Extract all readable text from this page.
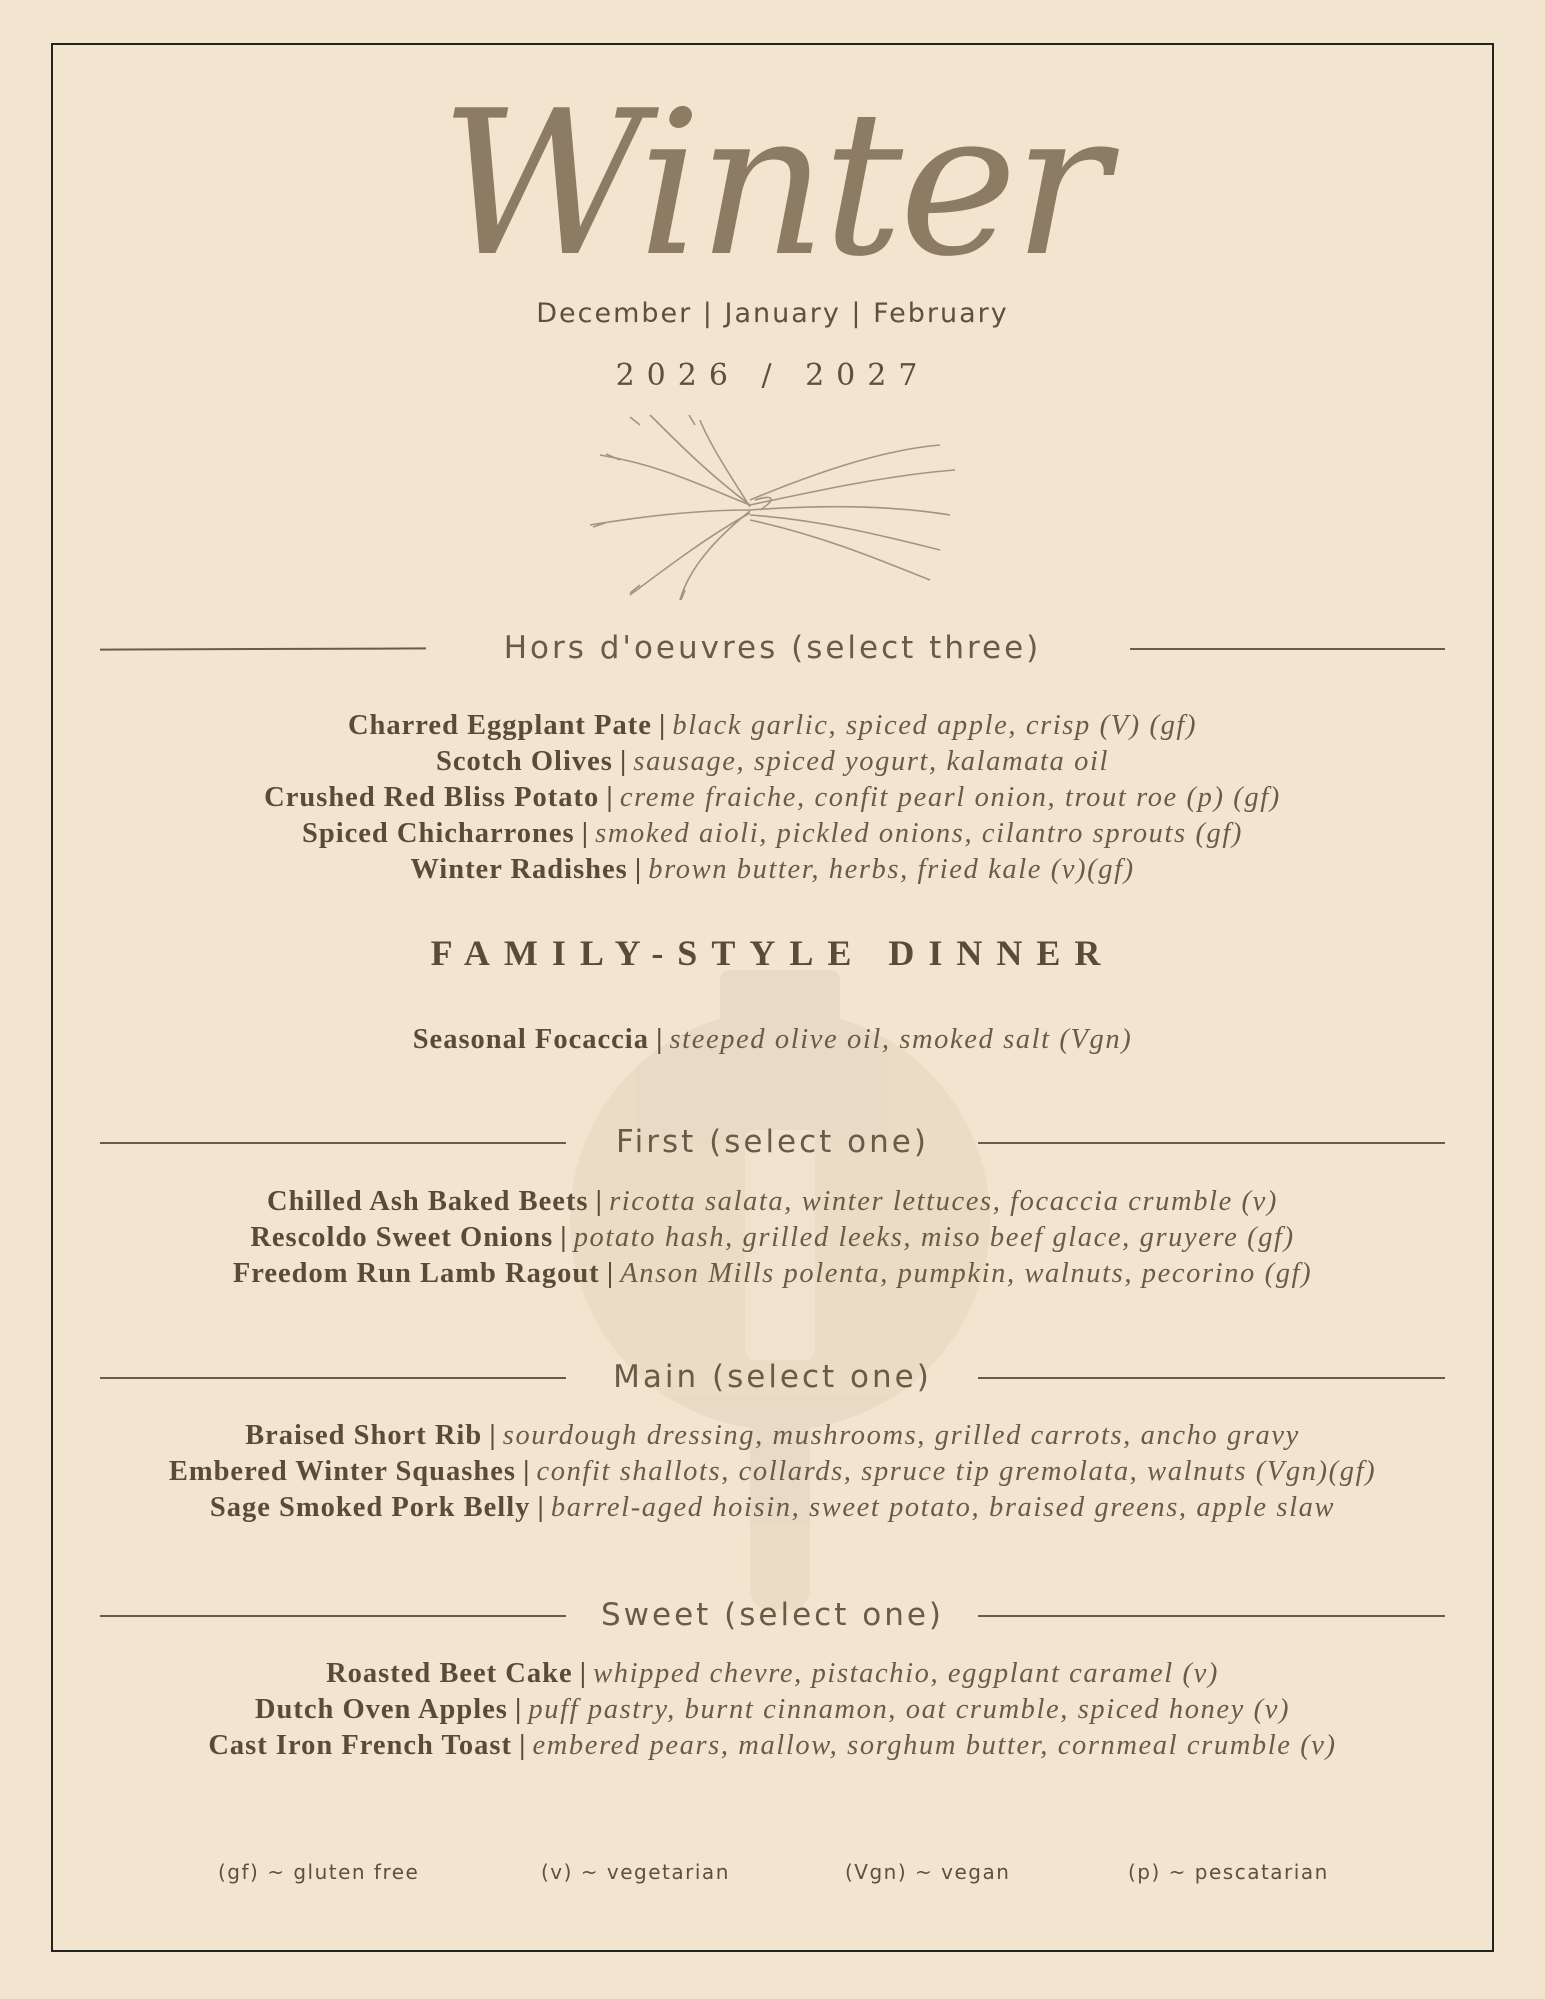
Winter
December | January | February
2026 / 2027
Hors d'oeuvres (select three)
Charred Eggplant Pate | black garlic, spiced apple, crisp (V) (gf)
Scotch Olives | sausage, spiced yogurt, kalamata oil
Crushed Red Bliss Potato | creme fraiche, confit pearl onion, trout roe (p) (gf)
Spiced Chicharrones | smoked aioli, pickled onions, cilantro sprouts (gf)
Winter Radishes | brown butter, herbs, fried kale (v)(gf)
FAMILY-STYLE DINNER
Seasonal Focaccia | steeped olive oil, smoked salt (Vgn)
First (select one)
Chilled Ash Baked Beets | ricotta salata, winter lettuces, focaccia crumble (v)
Rescoldo Sweet Onions | potato hash, grilled leeks, miso beef glace, gruyere (gf)
Freedom Run Lamb Ragout | Anson Mills polenta, pumpkin, walnuts, pecorino (gf)
Main (select one)
Braised Short Rib | sourdough dressing, mushrooms, grilled carrots, ancho gravy
Embered Winter Squashes | confit shallots, collards, spruce tip gremolata, walnuts (Vgn)(gf)
Sage Smoked Pork Belly | barrel-aged hoisin, sweet potato, braised greens, apple slaw
Sweet (select one)
Roasted Beet Cake | whipped chevre, pistachio, eggplant caramel (v)
Dutch Oven Apples | puff pastry, burnt cinnamon, oat crumble, spiced honey (v)
Cast Iron French Toast | embered pears, mallow, sorghum butter, cornmeal crumble (v)
(gf) ~ gluten free	(v) ~ vegetarian	(Vgn) ~ vegan	(p) ~ pescatarian
